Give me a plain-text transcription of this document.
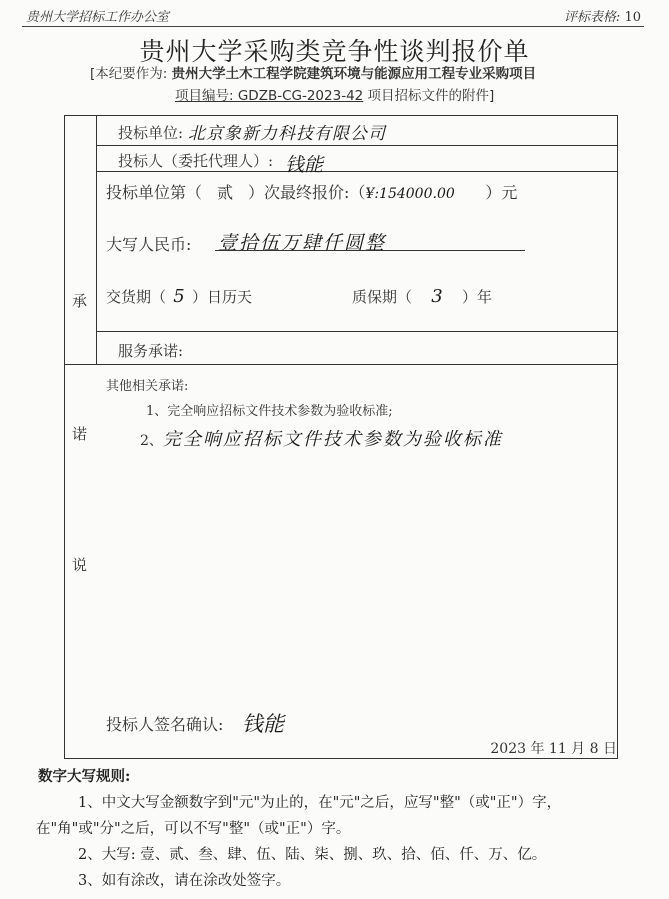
贵州大学招标工作办公室	评标表格: 10
贵州大学采购类竞争性谈判报价单
[本纪要作为: 贵州大学土木工程学院建筑环境与能源应用工程专业采购项目
项目编号: GDZB-CG-2023-42 项目招标文件的附件]
承
诺
说
投标单位: 北京象新力科技有限公司
投标人（委托代理人）: 钱能
投标单位第（ 贰 ）次最终报价:（¥:154000.00 ）元
大写人民币: 壹拾伍万肆仟圆整
交货期（ 5 ）日历天	质保期（ 3 ）年
服务承诺:
其他相关承诺:
1、完全响应招标文件技术参数为验收标准;
2、完全响应招标文件技术参数为验收标准
投标人签名确认: 钱能
2023 年 11 月 8 日
数字大写规则:
1、中文大写金额数字到"元"为止的，在"元"之后，应写"整"（或"正"）字，
在"角"或"分"之后，可以不写"整"（或"正"）字。
2、大写: 壹、贰、叁、肆、伍、陆、柒、捌、玖、拾、佰、仟、万、亿。
3、如有涂改，请在涂改处签字。
